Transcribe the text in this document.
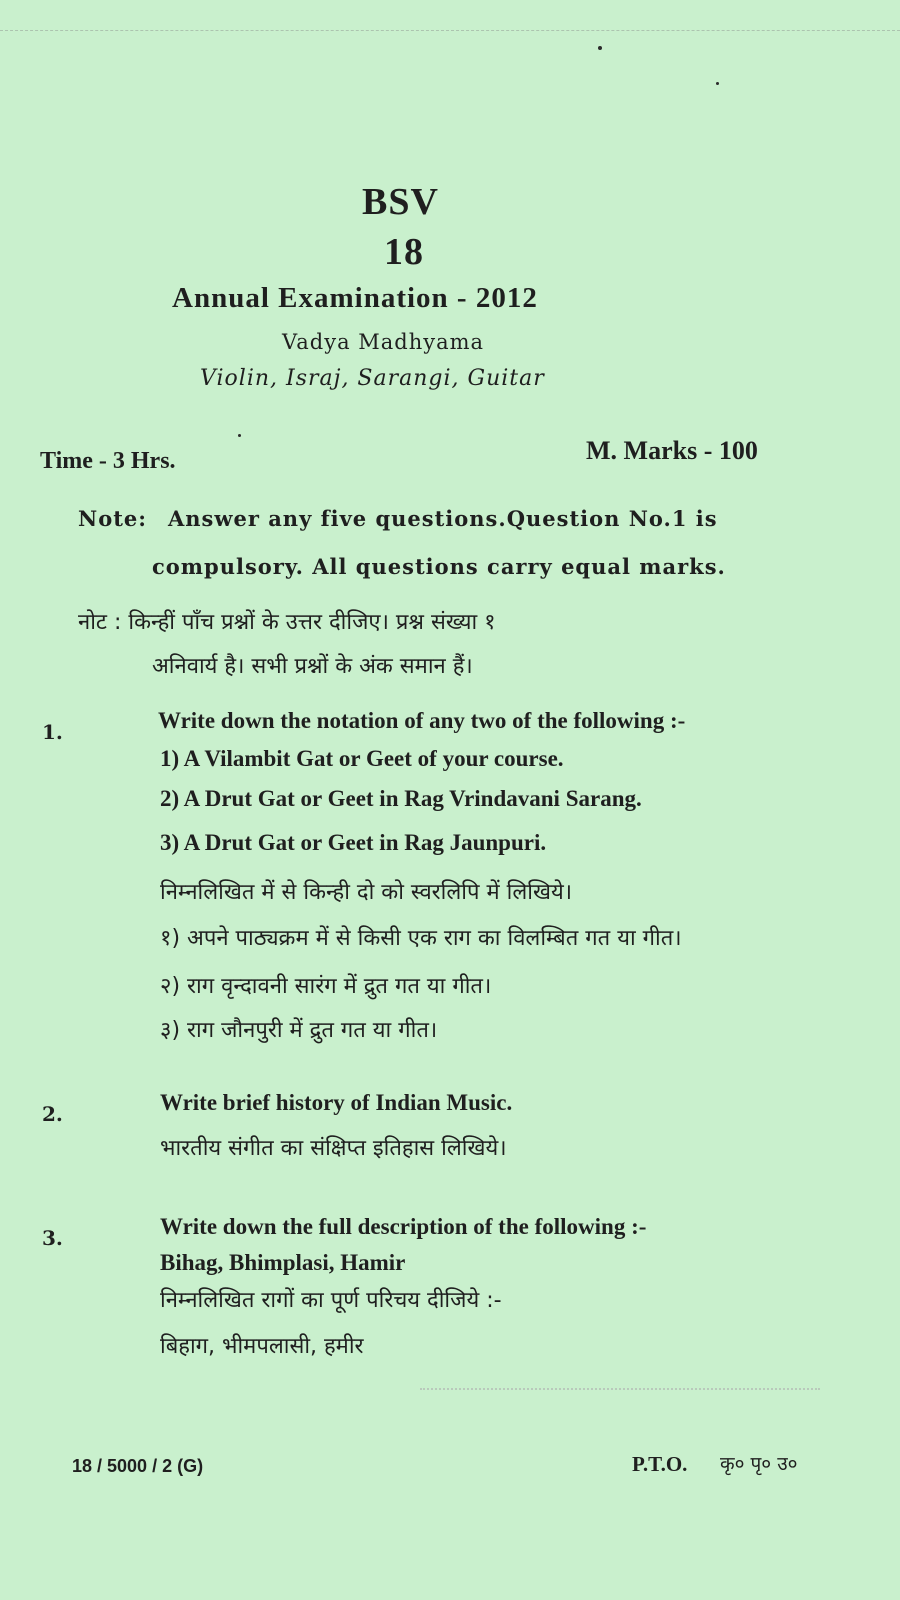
BSV
18
Annual Examination - 2012
Vadya Madhyama
Violin, Israj, Sarangi, Guitar
Time - 3 Hrs.	M. Marks - 100
Note: Answer any five questions.Question No.1 is
compulsory. All questions carry equal marks.
नोट : किन्हीं पाँच प्रश्नों के उत्तर दीजिए। प्रश्न संख्या १
अनिवार्य है। सभी प्रश्नों के अंक समान हैं।
1.	Write down the notation of any two of the following :-
1) A Vilambit Gat or Geet of your course.
2) A Drut Gat or Geet in Rag Vrindavani Sarang.
3) A Drut Gat or Geet in Rag Jaunpuri.
निम्नलिखित में से किन्ही दो को स्वरलिपि में लिखिये।
१) अपने पाठ्यक्रम में से किसी एक राग का विलम्बित गत या गीत।
२) राग वृन्दावनी सारंग में द्रुत गत या गीत।
३) राग जौनपुरी में द्रुत गत या गीत।
2.	Write brief history of Indian Music.
भारतीय संगीत का संक्षिप्त इतिहास लिखिये।
3.	Write down the full description of the following :-
Bihag, Bhimplasi, Hamir
निम्नलिखित रागों का पूर्ण परिचय दीजिये :-
बिहाग, भीमपलासी, हमीर
18 / 5000 / 2 (G)	P.T.O. कृ० पृ० उ०
